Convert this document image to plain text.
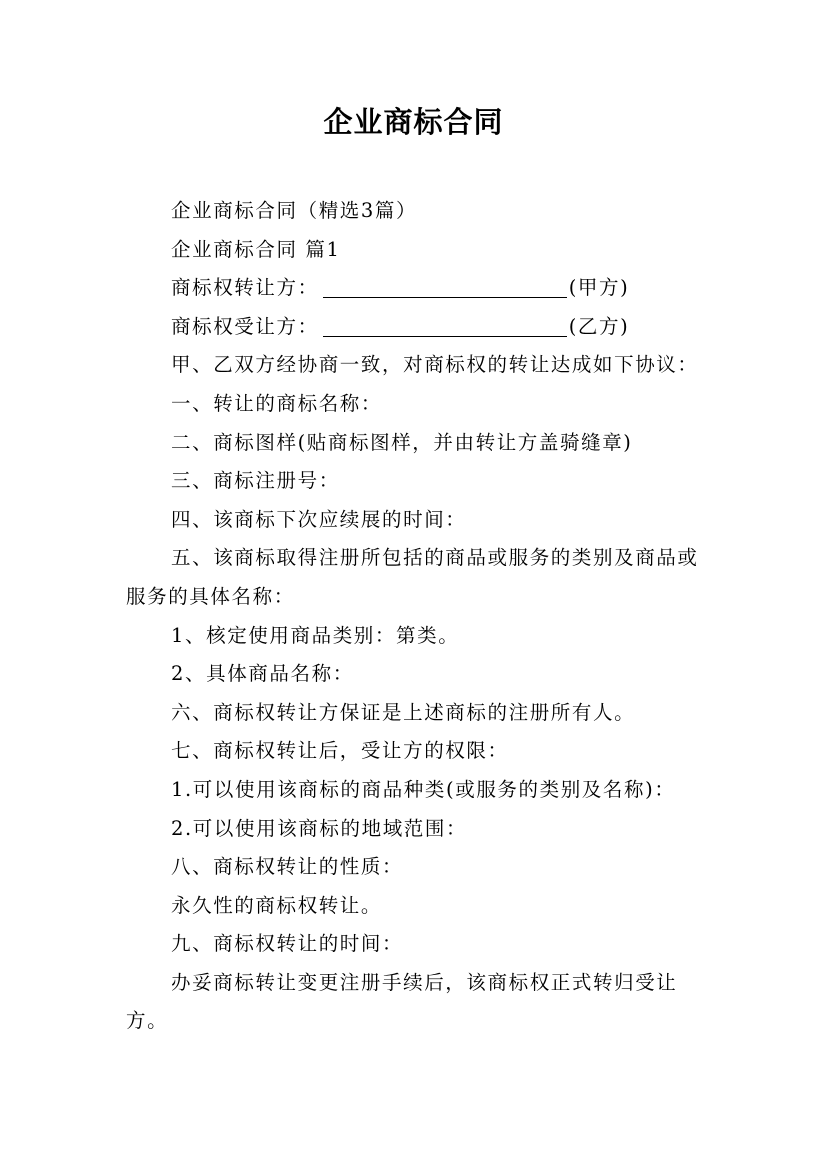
企业商标合同

企业商标合同（精选3篇）

企业商标合同 篇1

商标权转让方：	(甲方)

商标权受让方：	(乙方)

甲、乙双方经协商一致，对商标权的转让达成如下协议：

一、转让的商标名称：

二、商标图样(贴商标图样，并由转让方盖骑缝章)

三、商标注册号：

四、该商标下次应续展的时间：

五、该商标取得注册所包括的商品或服务的类别及商品或服务的具体名称：

1、核定使用商品类别：第类。

2、具体商品名称：

六、商标权转让方保证是上述商标的注册所有人。

七、商标权转让后，受让方的权限：

1.可以使用该商标的商品种类(或服务的类别及名称)：

2.可以使用该商标的地域范围：

八、商标权转让的性质：

永久性的商标权转让。

九、商标权转让的时间：

办妥商标转让变更注册手续后，该商标权正式转归受让方。
